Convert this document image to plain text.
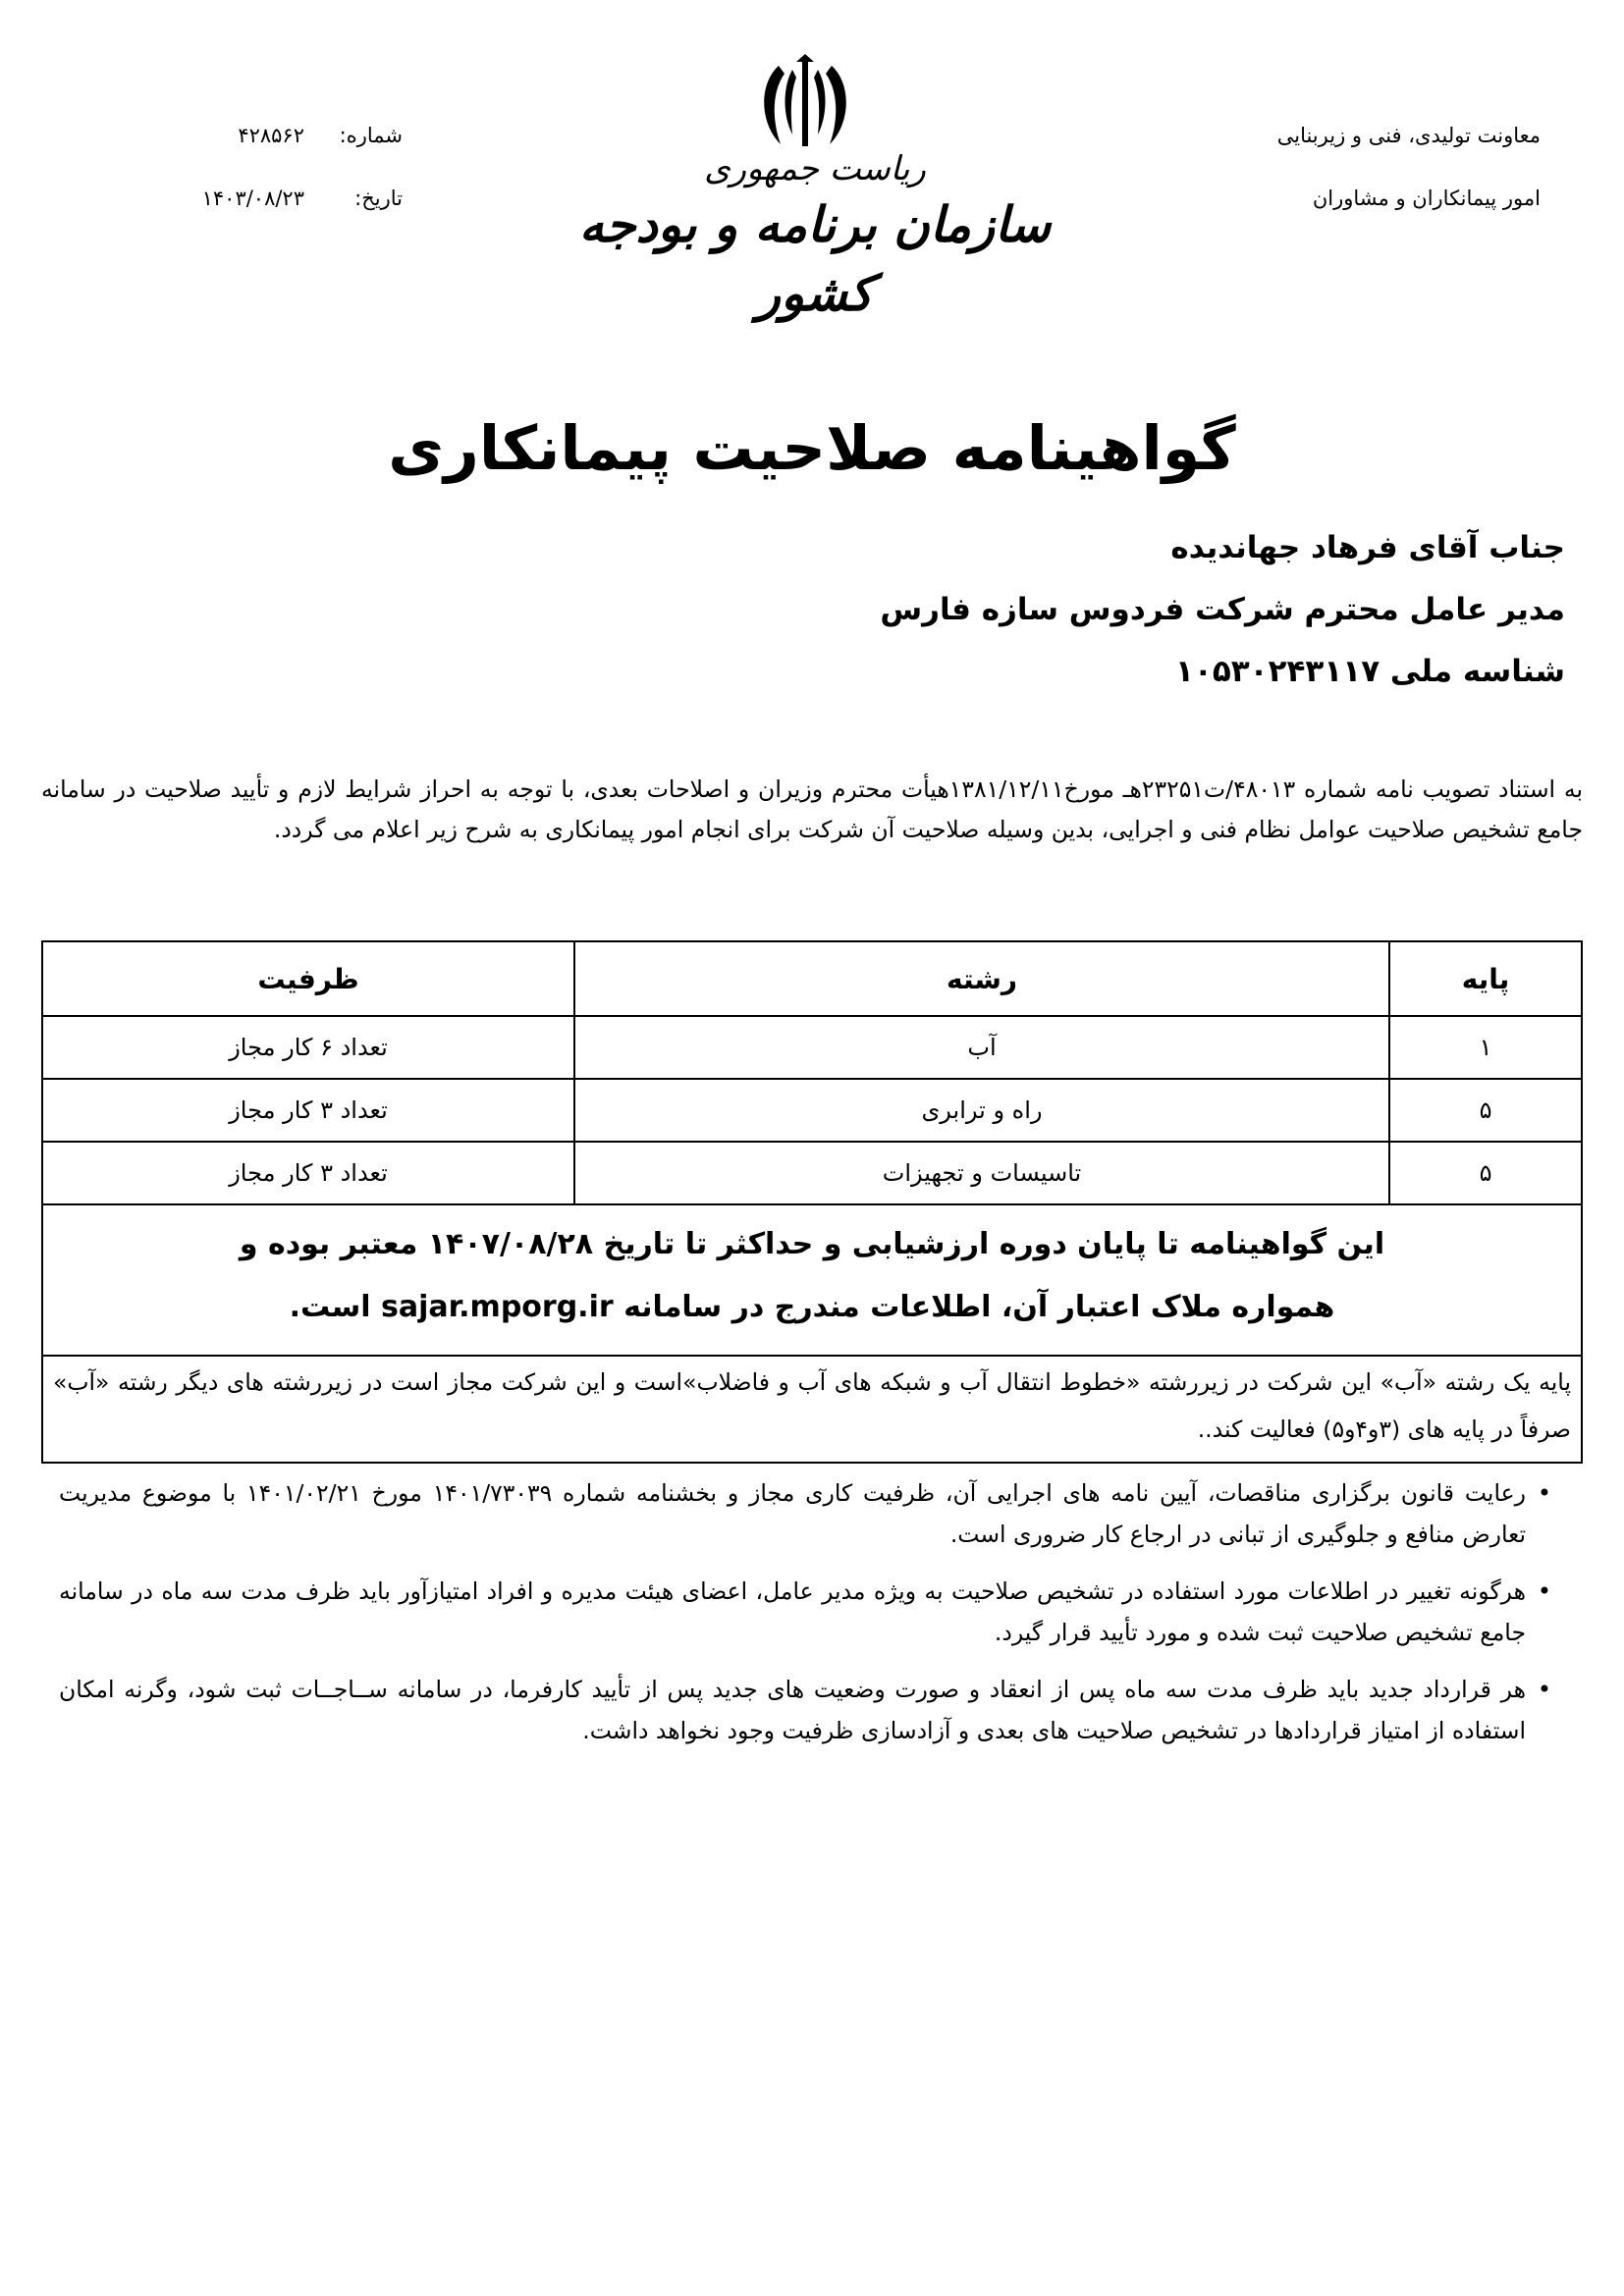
معاونت تولیدی، فنی و زیربنایی
امور پیمانکاران و مشاوران
شماره:
۴۲۸۵۶۲
تاریخ:
۱۴۰۳/۰۸/۲۳
ریاست جمهوری
سازمان برنامه و بودجه کشور
گواهینامه صلاحیت پیمانکاری
جناب آقای فرهاد جهاندیده
مدیر عامل محترم شرکت فردوس سازه فارس
شناسه ملی ۱۰۵۳۰۲۴۳۱۱۷
به استناد تصویب نامه شماره ۴۸۰۱۳/ت۲۳۲۵۱هـ مورخ۱۳۸۱/۱۲/۱۱هیأت محترم وزیران و اصلاحات بعدی، با توجه به احراز شرایط لازم و تأیید صلاحیت در سامانه جامع تشخیص صلاحیت عوامل نظام فنی و اجرایی، بدین وسیله صلاحیت آن شرکت برای انجام امور پیمانکاری به شرح زیر اعلام می گردد.
پایه
رشته
ظرفیت
۱
آب
تعداد ۶ کار مجاز
۵
راه و ترابری
تعداد ۳ کار مجاز
۵
تاسیسات و تجهیزات
تعداد ۳ کار مجاز
این گواهینامه تا پایان دوره ارزشیابی و حداکثر تا تاریخ ۱۴۰۷/۰۸/۲۸ معتبر بوده و
همواره ملاک اعتبار آن، اطلاعات مندرج در سامانه sajar.mporg.ir است.
پایه یک رشته «آب» این شرکت در زیررشته «خطوط انتقال آب و شبکه های آب و فاضلاب»است و این شرکت مجاز است در زیررشته های دیگر رشته «آب» صرفاً در پایه های (۳و۴و۵) فعالیت کند..
•
رعایت قانون برگزاری مناقصات، آیین نامه های اجرایی آن، ظرفیت کاری مجاز و بخشنامه شماره ۱۴۰۱/۷۳۰۳۹ مورخ ۱۴۰۱/۰۲/۲۱ با موضوع مدیریت تعارض منافع و جلوگیری از تبانی در ارجاع کار ضروری است.
•
هرگونه تغییر در اطلاعات مورد استفاده در تشخیص صلاحیت به ویژه مدیر عامل، اعضای هیئت مدیره و افراد امتیازآور باید ظرف مدت سه ماه در سامانه جامع تشخیص صلاحیت ثبت شده و مورد تأیید قرار گیرد.
•
هر قرارداد جدید باید ظرف مدت سه ماه پس از انعقاد و صورت وضعیت های جدید پس از تأیید کارفرما، در سامانه ســاجــات ثبت شود، وگرنه امکان استفاده از امتیاز قراردادها در تشخیص صلاحیت های بعدی و آزادسازی ظرفیت وجود نخواهد داشت.
